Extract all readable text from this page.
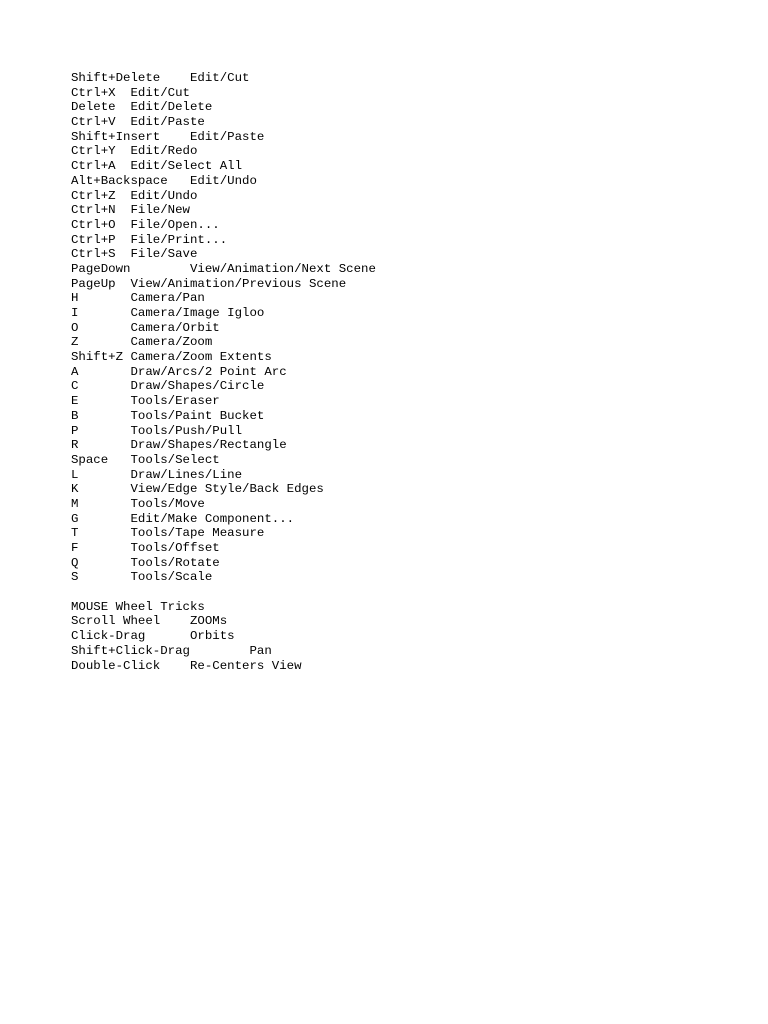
Shift+Delete	Edit/Cut
Ctrl+X	Edit/Cut
Delete	Edit/Delete
Ctrl+V	Edit/Paste
Shift+Insert	Edit/Paste
Ctrl+Y	Edit/Redo
Ctrl+A	Edit/Select All
Alt+Backspace	Edit/Undo
Ctrl+Z	Edit/Undo
Ctrl+N	File/New
Ctrl+O	File/Open...
Ctrl+P	File/Print...
Ctrl+S	File/Save
PageDown	View/Animation/Next Scene
PageUp	View/Animation/Previous Scene
H	Camera/Pan
I	Camera/Image Igloo
O	Camera/Orbit
Z	Camera/Zoom
Shift+Z	Camera/Zoom Extents
A	Draw/Arcs/2 Point Arc
C	Draw/Shapes/Circle
E	Tools/Eraser
B	Tools/Paint Bucket
P	Tools/Push/Pull
R	Draw/Shapes/Rectangle
Space	Tools/Select
L	Draw/Lines/Line
K	View/Edge Style/Back Edges
M	Tools/Move
G	Edit/Make Component...
T	Tools/Tape Measure
F	Tools/Offset
Q	Tools/Rotate
S	Tools/Scale
MOUSE Wheel Tricks
Scroll Wheel	ZOOMs
Click-Drag	Orbits
Shift+Click-Drag	Pan
Double-Click	Re-Centers View
